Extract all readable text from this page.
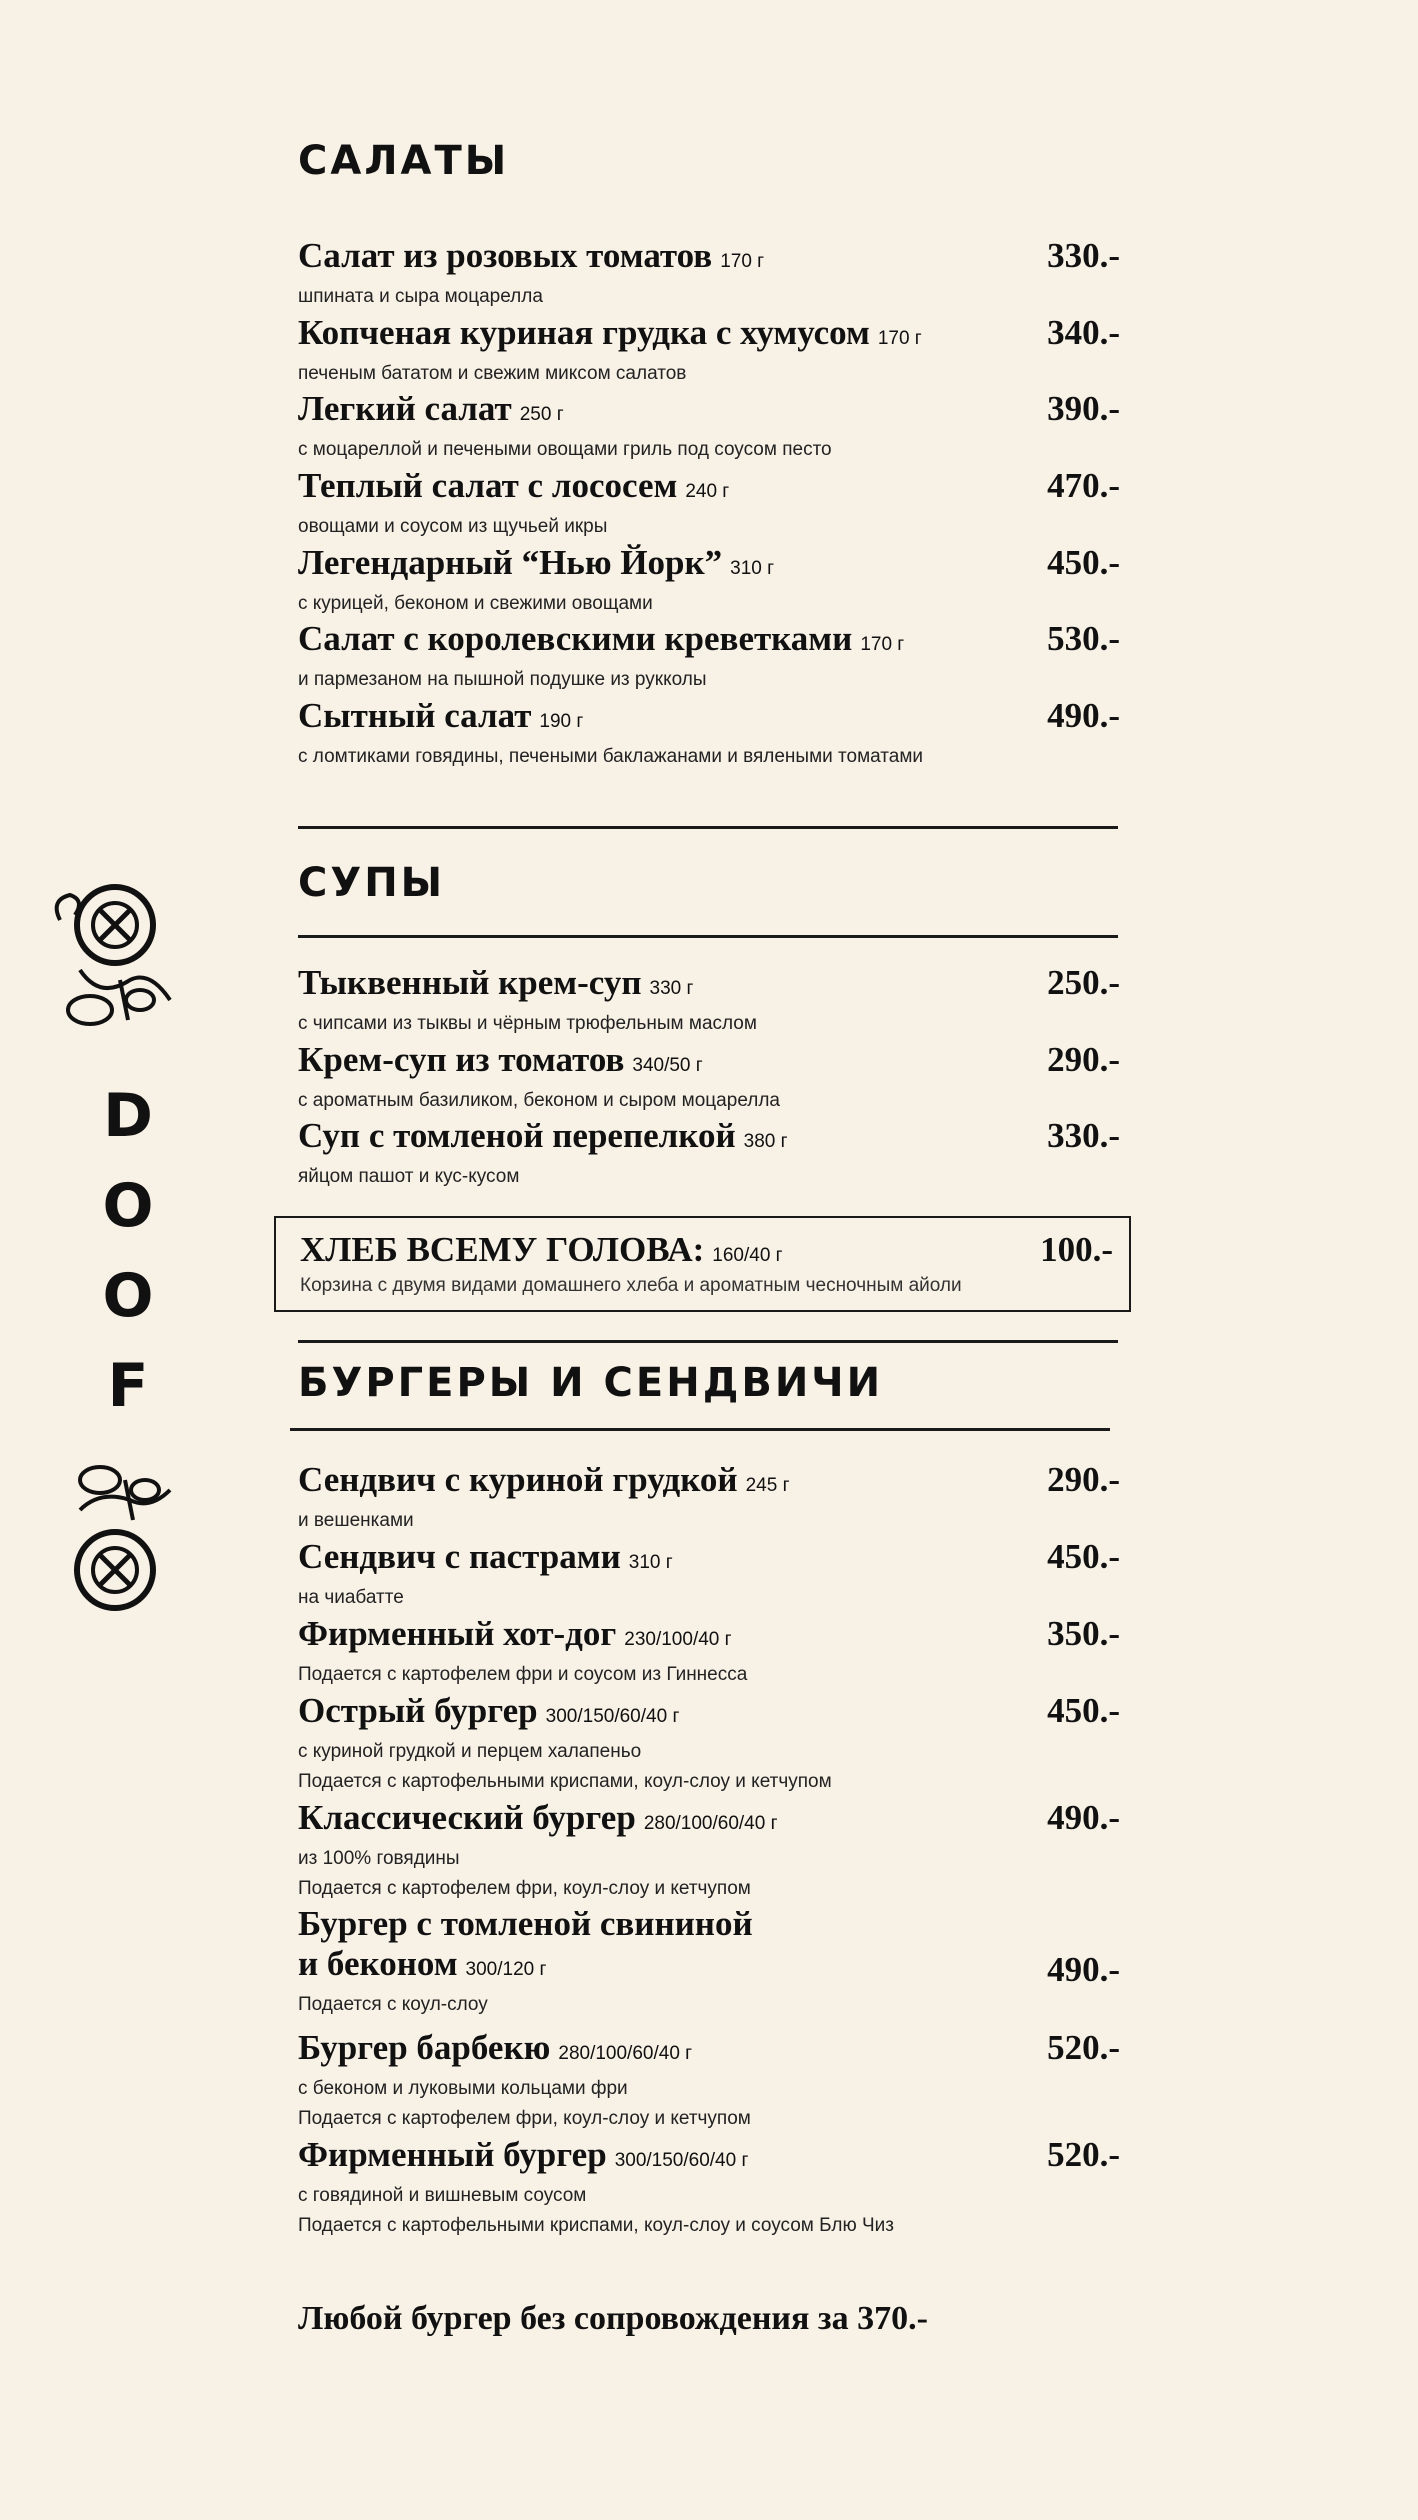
D
O
O
F
САЛАТЫ
Салат из розовых томатов 170 г
шпината и сыра моцарелла
330.-
Копченая куриная грудка с хумусом 170 г
печеным бататом и свежим миксом салатов
340.-
Легкий салат 250 г
с моцареллой и печеными овощами гриль под соусом песто
390.-
Теплый салат с лососем 240 г
овощами и соусом из щучьей икры
470.-
Легендарный “Нью Йорк” 310 г
с курицей, беконом и свежими овощами
450.-
Салат с королевскими креветками 170 г
и пармезаном на пышной подушке из рукколы
530.-
Сытный салат 190 г
с ломтиками говядины, печеными баклажанами и вялеными томатами
490.-
СУПЫ
Тыквенный крем-суп 330 г
с чипсами из тыквы и чёрным трюфельным маслом
250.-
Крем-суп из томатов 340/50 г
с ароматным базиликом, беконом и сыром моцарелла
290.-
Суп с томленой перепелкой 380 г
яйцом пашот и кус-кусом
330.-
ХЛЕБ ВСЕМУ ГОЛОВА: 160/40 г
Корзина с двумя видами домашнего хлеба и ароматным чесночным айоли
100.-
БУРГЕРЫ И СЕНДВИЧИ
Сендвич с куриной грудкой 245 г
и вешенками
290.-
Сендвич с пастрами 310 г
на чиабатте
450.-
Фирменный хот-дог 230/100/40 г
Подается с картофелем фри и соусом из Гиннесса
350.-
Острый бургер 300/150/60/40 г
с куриной грудкой и перцем халапеньо
Подается с картофельными криспами, коул-слоу и кетчупом
450.-
Классический бургер 280/100/60/40 г
из 100% говядины
Подается с картофелем фри, коул-слоу и кетчупом
490.-
Бургер с томленой свининой
и беконом 300/120 г
Подается с коул-слоу
490.-
Бургер барбекю 280/100/60/40 г
с беконом и луковыми кольцами фри
Подается с картофелем фри, коул-слоу и кетчупом
520.-
Фирменный бургер 300/150/60/40 г
с говядиной и вишневым соусом
Подается с картофельными криспами, коул-слоу и соусом Блю Чиз
520.-
Любой бургер без сопровождения за 370.-
